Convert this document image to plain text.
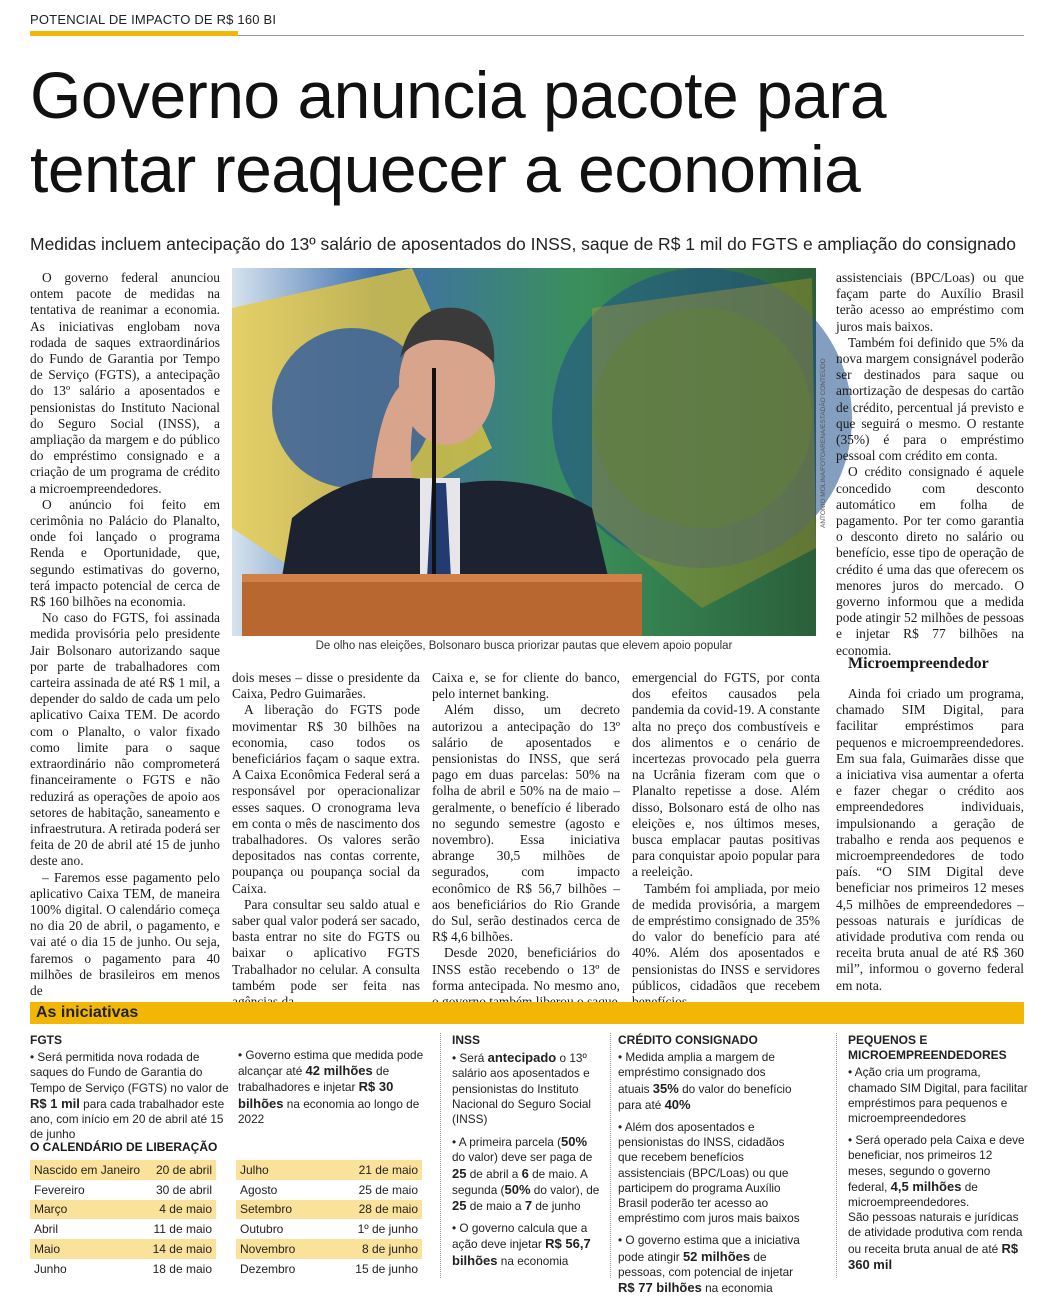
POTENCIAL DE IMPACTO DE R$ 160 BI
Governo anuncia pacote para tentar reaquecer a economia
Medidas incluem antecipação do 13º salário de aposentados do INSS, saque de R$ 1 mil do FGTS e ampliação do consignado

O governo federal anunciou ontem pacote de medidas na tentativa de reanimar a economia. As iniciativas englobam nova rodada de saques extraordinários do Fundo de Garantia por Tempo de Serviço (FGTS), a antecipação do 13º salário a aposentados e pensionistas do Instituto Nacional do Seguro Social (INSS), a ampliação da margem e do público do empréstimo consignado e a criação de um programa de crédito a microempreendedores.

O anúncio foi feito em cerimônia no Palácio do Planalto, onde foi lançado o programa Renda e Oportunidade, que, segundo estimativas do governo, terá impacto potencial de cerca de R$ 160 bilhões na economia.

No caso do FGTS, foi assinada medida provisória pelo presidente Jair Bolsonaro autorizando saque por parte de trabalhadores com carteira assinada de até R$ 1 mil, a depender do saldo de cada um pelo aplicativo Caixa TEM. De acordo com o Planalto, o valor fixado como limite para o saque extraordinário não comprometerá financeiramente o FGTS e não reduzirá as operações de apoio aos setores de habitação, saneamento e infraestrutura. A retirada poderá ser feita de 20 de abril até 15 de junho deste ano.

– Faremos esse pagamento pelo aplicativo Caixa TEM, de maneira 100% digital. O calendário começa no dia 20 de abril, o pagamento, e vai até o dia 15 de junho. Ou seja, faremos o pagamento para 40 milhões de brasileiros em menos de

ANTONIO MOLINA/FOTOARENA/ESTADÃO CONTEÚDO
De olho nas eleições, Bolsonaro busca priorizar pautas que elevem apoio popular

dois meses – disse o presidente da Caixa, Pedro Guimarães.

A liberação do FGTS pode movimentar R$ 30 bilhões na economia, caso todos os beneficiários façam o saque extra. A Caixa Econômica Federal será a responsável por operacionalizar esses saques. O cronograma leva em conta o mês de nascimento dos trabalhadores. Os valores serão depositados nas contas corrente, poupança ou poupança social da Caixa.

Para consultar seu saldo atual e saber qual valor poderá ser sacado, basta entrar no site do FGTS ou baixar o aplicativo FGTS Trabalhador no celular. A consulta também pode ser feita nas

Caixa e, se for cliente do banco, pelo internet banking.

Além disso, um decreto autorizou a antecipação do 13º salário de aposentados e pensionistas do INSS, que será pago em duas parcelas: 50% na folha de abril e 50% na de maio – geralmente, o benefício é liberado no segundo semestre (agosto e novembro). Essa iniciativa abrange 30,5 milhões de segurados, com impacto econômico de R$ 56,7 bilhões – aos beneficiários do Rio Grande do Sul, serão destinados cerca de R$ 4,6 bilhões.

Desde 2020, beneficiários do INSS estão recebendo o 13º de forma antecipada. No mesmo ano,

emergencial do FGTS, por conta dos efeitos causados pela pandemia da covid-19. A constante alta no preço dos combustíveis e dos alimentos e o cenário de incertezas provocado pela guerra na Ucrânia fizeram com que o Planalto repetisse a dose. Além disso, Bolsonaro está de olho nas eleições e, nos últimos meses, busca emplacar pautas positivas para conquistar apoio popular para a reeleição.

Também foi ampliada, por meio de medida provisória, a margem de empréstimo consignado de 35% do valor do benefício para até 40%. Além dos aposentados e pensionistas do INSS e servidores públicos, cidadãos que recebem

assistenciais (BPC/Loas) ou que façam parte do Auxílio Brasil terão acesso ao empréstimo com juros mais baixos.

Também foi definido que 5% da nova margem consignável poderão ser destinados para saque ou amortização de despesas do cartão de crédito, percentual já previsto e que seguirá o mesmo. O restante (35%) é para o empréstimo pessoal com crédito em conta.

O crédito consignado é aquele concedido com desconto automático em folha de pagamento. Por ter como garantia o desconto direto no salário ou benefício, esse tipo de operação de crédito é uma das que oferecem os menores juros do mercado. O governo informou que a medida pode atingir 52 milhões de pessoas e injetar R$ 77 bilhões na economia.

Microempreendedor

Ainda foi criado um programa, chamado SIM Digital, para facilitar empréstimos para pequenos e microempreendedores. Em sua fala, Guimarães disse que a iniciativa visa aumentar a oferta e fazer chegar o crédito aos empreendedores individuais, impulsionando a geração de trabalho e renda aos pequenos e microempreendedores de todo país. “O SIM Digital deve beneficiar nos primeiros 12 meses 4,5 milhões de empreendedores – pessoas naturais e jurídicas de atividade produtiva com renda ou receita bruta anual de até R$ 360 mil”, informou o governo federal em nota.

As iniciativas
FGTS

• Será permitida nova rodada de saques do Fundo de Garantia do Tempo de Serviço (FGTS) no valor de R$ 1 mil para cada trabalhador este ano, com início em 20 de abril até 15 de junho

• Governo estima que medida pode alcançar até 42 milhões de trabalhadores e injetar R$ 30 bilhões na economia ao longo de 2022

O CALENDÁRIO DE LIBERAÇÃO
Nascido em Janeiro	20 de abril
Fevereiro	30 de abril
Março	4 de maio
Abril	11 de maio
Maio	14 de maio
Junho	18 de maio
Julho	21 de maio
Agosto	25 de maio
Setembro	28 de maio
Outubro	1º de junho
Novembro	8 de junho
Dezembro	15 de junho
INSS

• Será antecipado o 13º salário aos aposentados e pensionistas do Instituto Nacional do Seguro Social (INSS)

• A primeira parcela (50% do valor) deve ser paga de 25 de abril a 6 de maio. A segunda (50% do valor), de 25 de maio a 7 de junho

• O governo calcula que a ação deve injetar R$ 56,7 bilhões na economia

CRÉDITO CONSIGNADO

• Medida amplia a margem de empréstimo consignado dos atuais 35% do valor do benefício para até 40%

• Além dos aposentados e pensionistas do INSS, cidadãos que recebem benefícios assistenciais (BPC/Loas) ou que participem do programa Auxílio Brasil poderão ter acesso ao empréstimo com juros mais baixos

• O governo estima que a iniciativa pode atingir 52 milhões de pessoas, com potencial de injetar R$ 77 bilhões na economia

PEQUENOS E MICROEMPREENDEDORES

• Ação cria um programa, chamado SIM Digital, para facilitar empréstimos para pequenos e microempreendedores

• Será operado pela Caixa e deve beneficiar, nos primeiros 12 meses, segundo o governo federal, 4,5 milhões de microempreendedores.

São pessoas naturais e jurídicas de atividade produtiva com renda ou receita bruta anual de até R$ 360 mil
